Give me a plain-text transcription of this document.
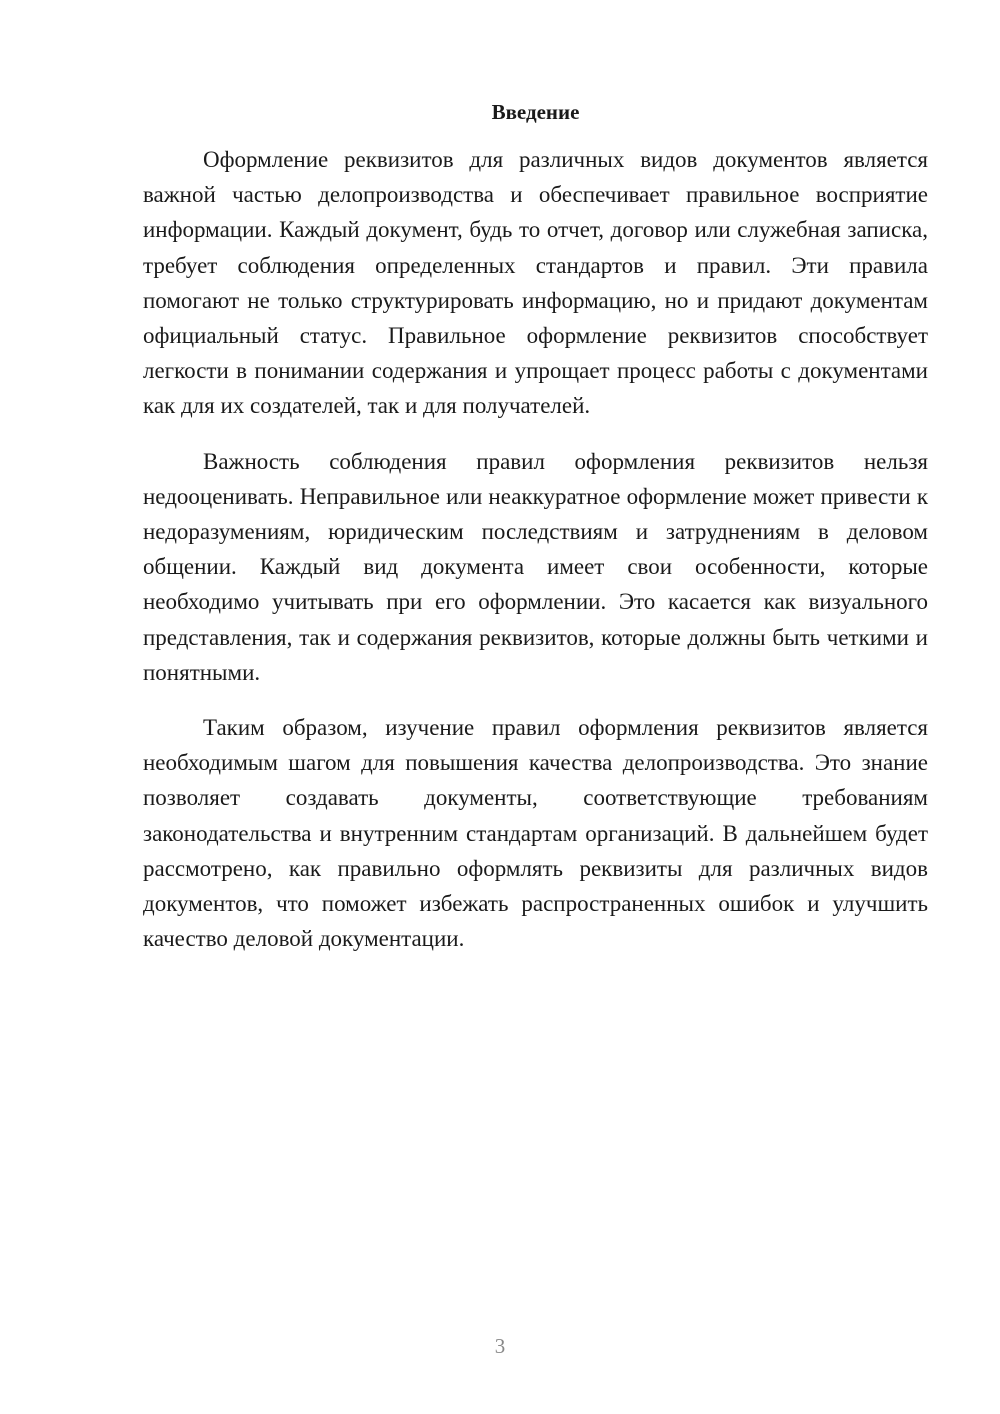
Введение

Оформление реквизитов для различных видов документов является важной частью делопроизводства и обеспечивает правильное восприятие информации. Каждый документ, будь то отчет, договор или служебная записка, требует соблюдения определенных стандартов и правил. Эти правила помогают не только структурировать информацию, но и придают документам официальный статус. Правильное оформление реквизитов способствует легкости в понимании содержания и упрощает процесс работы с документами как для их создателей, так и для получателей.

Важность соблюдения правил оформления реквизитов нельзя недооценивать. Неправильное или неаккуратное оформление может привести к недоразумениям, юридическим последствиям и затруднениям в деловом общении. Каждый вид документа имеет свои особенности, которые необходимо учитывать при его оформлении. Это касается как визуального представления, так и содержания реквизитов, которые должны быть четкими и понятными.

Таким образом, изучение правил оформления реквизитов является необходимым шагом для повышения качества делопроизводства. Это знание позволяет создавать документы, соответствующие требованиям законодательства и внутренним стандартам организаций. В дальнейшем будет рассмотрено, как правильно оформлять реквизиты для различных видов документов, что поможет избежать распространенных ошибок и улучшить качество деловой документации.

3
